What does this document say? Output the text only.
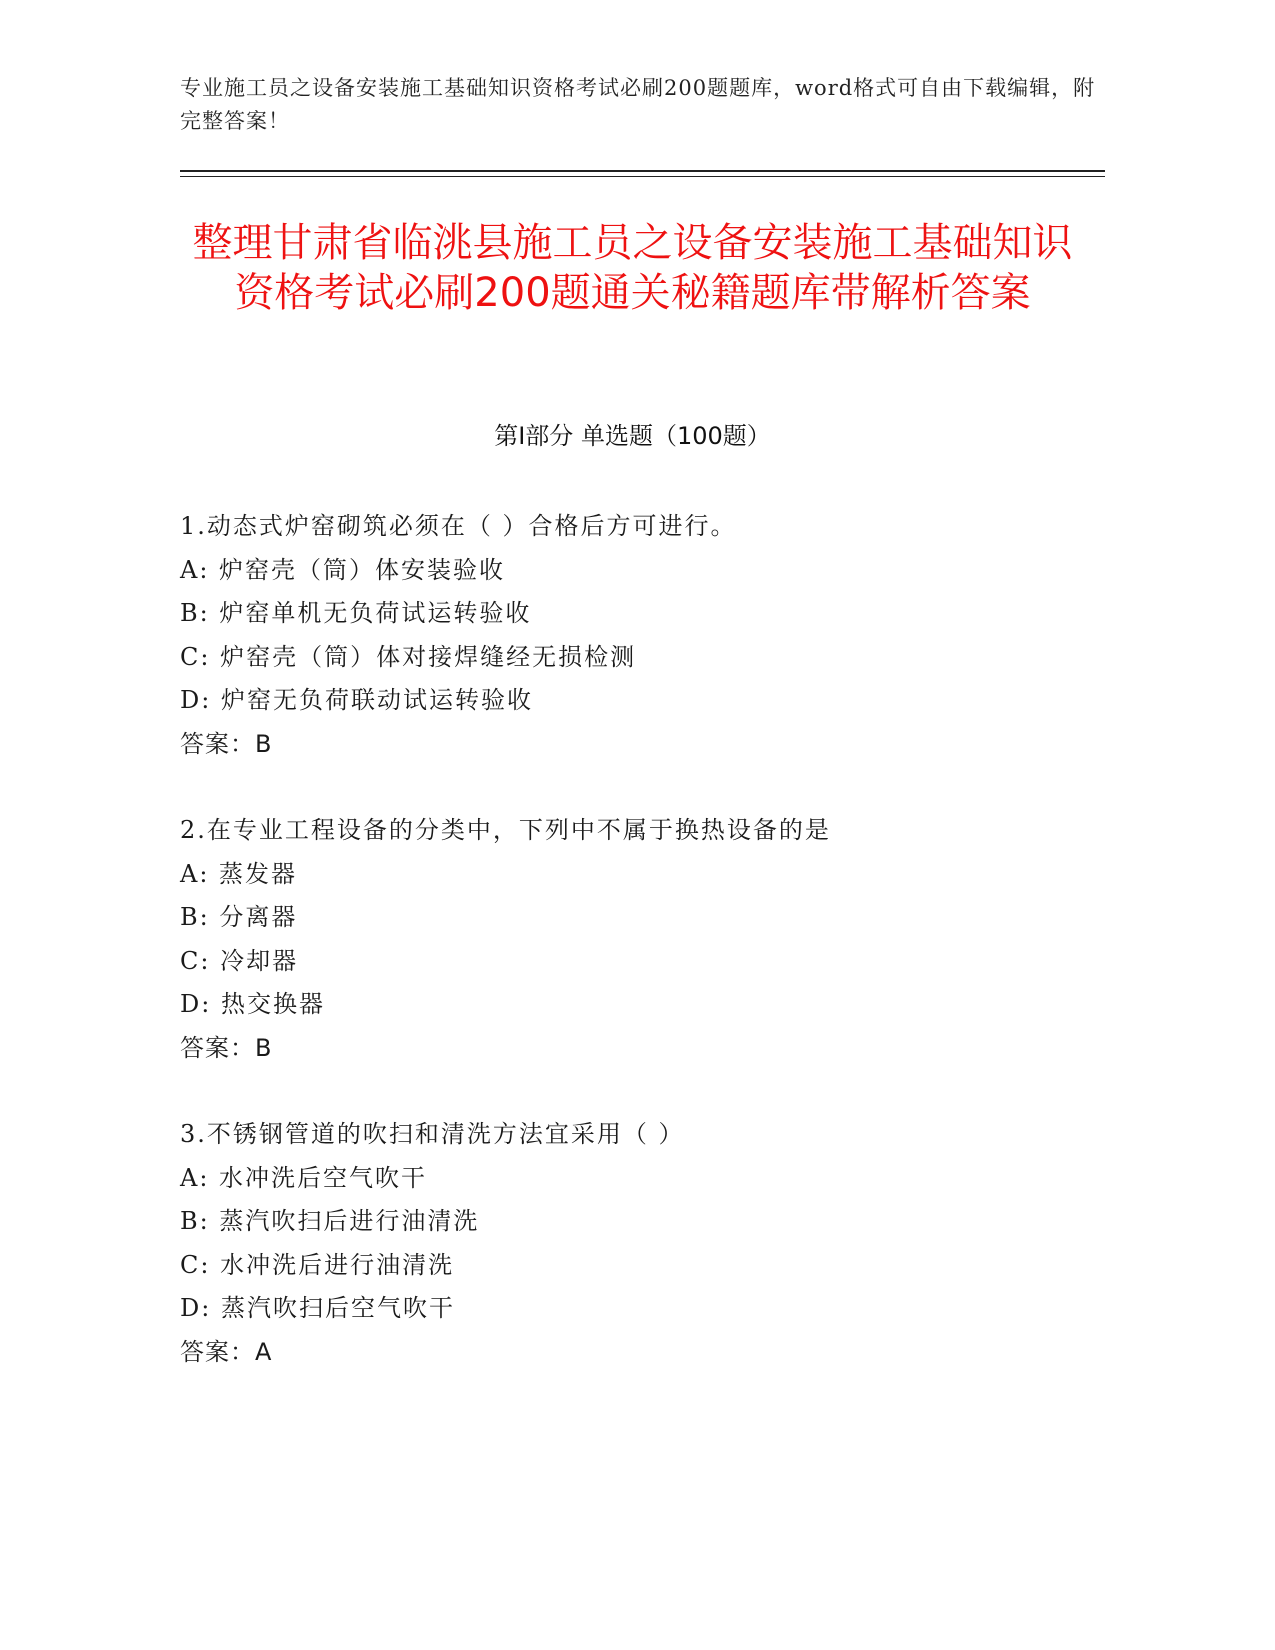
专业施工员之设备安装施工基础知识资格考试必刷200题题库，word格式可自由下载编辑，附完整答案！
整理甘肃省临洮县施工员之设备安装施工基础知识资格考试必刷200题通关秘籍题库带解析答案
第Ⅰ部分 单选题（100题）
1.动态式炉窑砌筑必须在（ ）合格后方可进行。
A: 炉窑壳（筒）体安装验收
B: 炉窑单机无负荷试运转验收
C: 炉窑壳（筒）体对接焊缝经无损检测
D: 炉窑无负荷联动试运转验收
答案：B
2.在专业工程设备的分类中，下列中不属于换热设备的是
A: 蒸发器
B: 分离器
C: 冷却器
D: 热交换器
答案：B
3.不锈钢管道的吹扫和清洗方法宜采用（ ）
A: 水冲洗后空气吹干
B: 蒸汽吹扫后进行油清洗
C: 水冲洗后进行油清洗
D: 蒸汽吹扫后空气吹干
答案：A
